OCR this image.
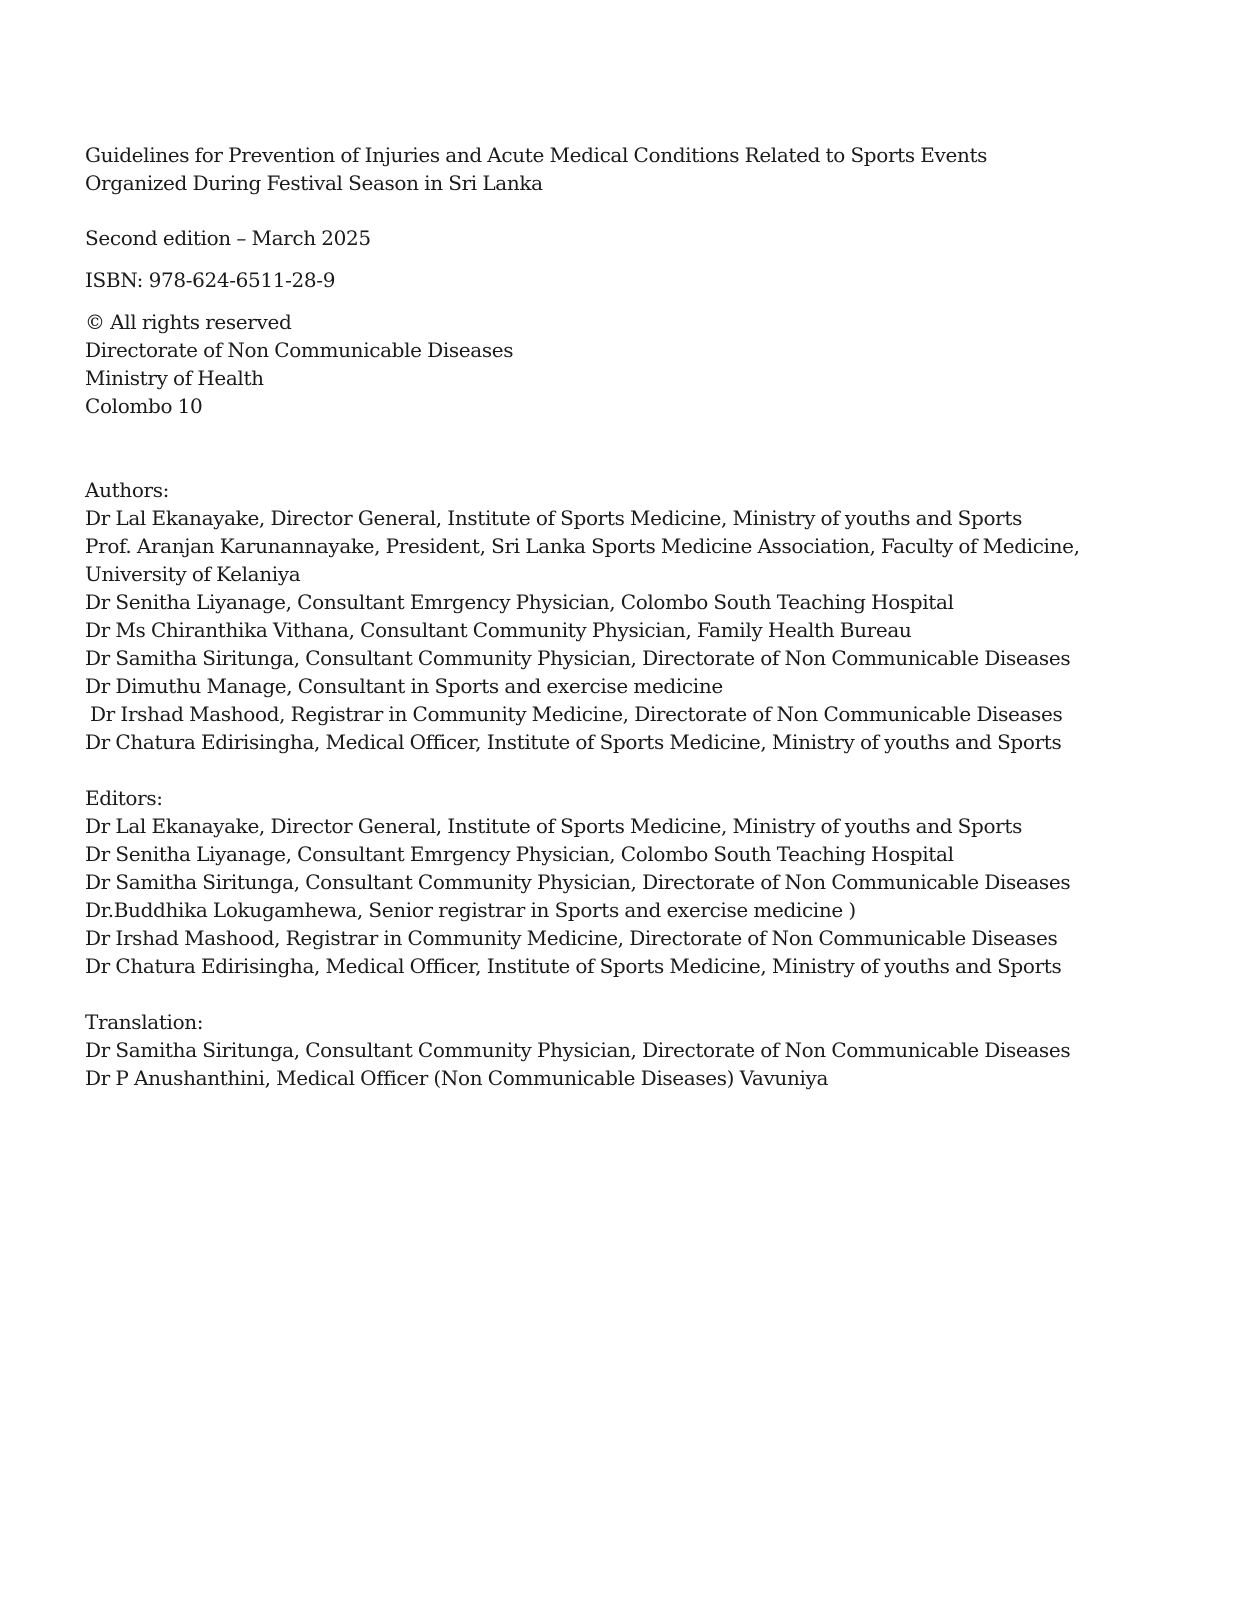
Guidelines for Prevention of Injuries and Acute Medical Conditions Related to Sports Events
Organized During Festival Season in Sri Lanka
Second edition – March 2025
ISBN: 978-624-6511-28-9
© All rights reserved
Directorate of Non Communicable Diseases
Ministry of Health
Colombo 10
Authors:
Dr Lal Ekanayake, Director General, Institute of Sports Medicine, Ministry of youths and Sports
Prof. Aranjan Karunannayake, President, Sri Lanka Sports Medicine Association, Faculty of Medicine,
University of Kelaniya
Dr Senitha Liyanage, Consultant Emrgency Physician, Colombo South Teaching Hospital
Dr Ms Chiranthika Vithana, Consultant Community Physician, Family Health Bureau
Dr Samitha Siritunga, Consultant Community Physician, Directorate of Non Communicable Diseases
Dr Dimuthu Manage, Consultant in Sports and exercise medicine
Dr Irshad Mashood, Registrar in Community Medicine, Directorate of Non Communicable Diseases
Dr Chatura Edirisingha, Medical Officer, Institute of Sports Medicine, Ministry of youths and Sports
Editors:
Dr Lal Ekanayake, Director General, Institute of Sports Medicine, Ministry of youths and Sports
Dr Senitha Liyanage, Consultant Emrgency Physician, Colombo South Teaching Hospital
Dr Samitha Siritunga, Consultant Community Physician, Directorate of Non Communicable Diseases
Dr.Buddhika Lokugamhewa, Senior registrar in Sports and exercise medicine )
Dr Irshad Mashood, Registrar in Community Medicine, Directorate of Non Communicable Diseases
Dr Chatura Edirisingha, Medical Officer, Institute of Sports Medicine, Ministry of youths and Sports
Translation:
Dr Samitha Siritunga, Consultant Community Physician, Directorate of Non Communicable Diseases
Dr P Anushanthini, Medical Officer (Non Communicable Diseases) Vavuniya
